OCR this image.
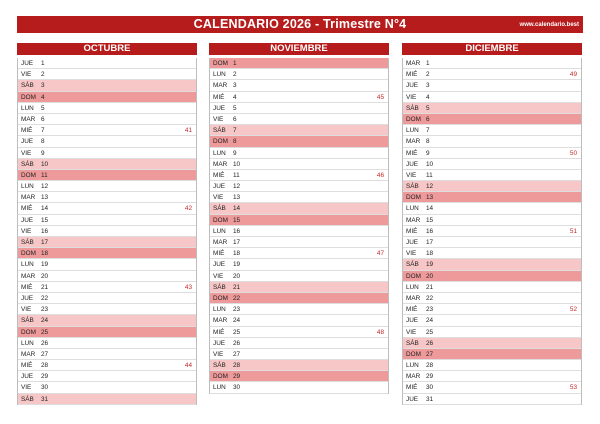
CALENDARIO 2026 - Trimestre N°4	www.calendario.best
OCTUBRE
JUE 1
VIE 2
SÁB 3
DOM 4
LUN 5
MAR 6
MIÉ 7	41
JUE 8
VIE 9
SÁB 10
DOM 11
LUN 12
MAR 13
MIÉ 14	42
JUE 15
VIE 16
SÁB 17
DOM 18
LUN 19
MAR 20
MIÉ 21	43
JUE 22
VIE 23
SÁB 24
DOM 25
LUN 26
MAR 27
MIÉ 28	44
JUE 29
VIE 30
SÁB 31
NOVIEMBRE
DOM 1
LUN 2
MAR 3
MIÉ 4	45
JUE 5
VIE 6
SÁB 7
DOM 8
LUN 9
MAR 10
MIÉ 11	46
JUE 12
VIE 13
SÁB 14
DOM 15
LUN 16
MAR 17
MIÉ 18	47
JUE 19
VIE 20
SÁB 21
DOM 22
LUN 23
MAR 24
MIÉ 25	48
JUE 26
VIE 27
SÁB 28
DOM 29
LUN 30
DICIEMBRE
MAR 1
MIÉ 2	49
JUE 3
VIE 4
SÁB 5
DOM 6
LUN 7
MAR 8
MIÉ 9	50
JUE 10
VIE 11
SÁB 12
DOM 13
LUN 14
MAR 15
MIÉ 16	51
JUE 17
VIE 18
SÁB 19
DOM 20
LUN 21
MAR 22
MIÉ 23	52
JUE 24
VIE 25
SÁB 26
DOM 27
LUN 28
MAR 29
MIÉ 30	53
JUE 31
